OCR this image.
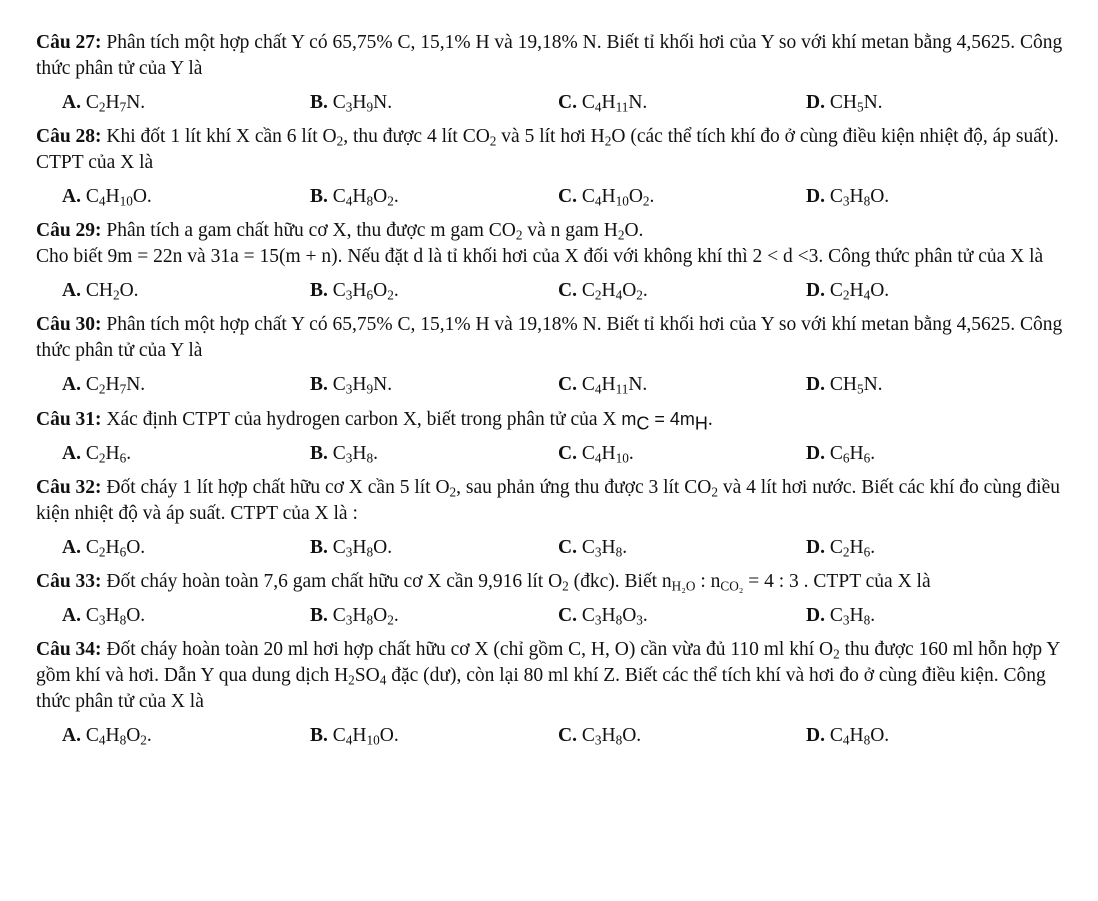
Câu 27: Phân tích một hợp chất Y có 65,75% C, 15,1% H và 19,18% N. Biết tỉ khối hơi của Y so với khí metan bằng 4,5625. Công thức phân tử của Y là
A. $C_2H_7N$.	B. $C_3H_9N$.	C. $C_4H_{11}N$.	D. $CH_5N$.
Câu 28: Khi đốt 1 lít khí X cần 6 lít $O_2$, thu được 4 lít $CO_2$ và 5 lít hơi $H_2O$ (các thể tích khí đo ở cùng điều kiện nhiệt độ, áp suất). CTPT của X là
A. $C_4H_{10}O$.	B. $C_4H_8O_2$.	C. $C_4H_{10}O_2$.	D. $C_3H_8O$.
Câu 29: Phân tích a gam chất hữu cơ X, thu được m gam $CO_2$ và n gam $H_2O$.
Cho biết 9m = 22n và 31a = 15(m + n). Nếu đặt d là tỉ khối hơi của X đối với không khí thì 2 < d <3. Công thức phân tử của X là
A. $CH_2O$.	B. $C_3H_6O_2$.	C. $C_2H_4O_2$.	D. $C_2H_4O$.
Câu 30: Phân tích một hợp chất Y có 65,75% C, 15,1% H và 19,18% N. Biết tỉ khối hơi của Y so với khí metan bằng 4,5625. Công thức phân tử của Y là
A. $C_2H_7N$.	B. $C_3H_9N$.	C. $C_4H_{11}N$.	D. $CH_5N$.
Câu 31: Xác định CTPT của hydrogen carbon X, biết trong phân tử của X $m_C = 4m_H$.
A. $C_2H_6$.	B. $C_3H_8$.	C. $C_4H_{10}$.	D. $C_6H_6$.
Câu 32: Đốt cháy 1 lít hợp chất hữu cơ X cần 5 lít $O_2$, sau phản ứng thu được 3 lít $CO_2$ và 4 lít hơi nước. Biết các khí đo cùng điều kiện nhiệt độ và áp suất. CTPT của X là :
A. $C_2H_6O$.	B. $C_3H_8O$.	C. $C_3H_8$.	D. $C_2H_6$.
Câu 33: Đốt cháy hoàn toàn 7,6 gam chất hữu cơ X cần 9,916 lít $O_2$ (đkc). Biết $n_{H_2O}$ : $n_{CO_2} = 4$ : 3 . CTPT của X là
A. $C_3H_8O$.	B. $C_3H_8O_2$.	C. $C_3H_8O_3$.	D. $C_3H_8$.
Câu 34: Đốt cháy hoàn toàn 20 ml hơi hợp chất hữu cơ X (chỉ gồm C, H, O) cần vừa đủ 110 ml khí $O_2$ thu được 160 ml hỗn hợp Y gồm khí và hơi. Dẫn Y qua dung dịch $H_2SO_4$ đặc (dư), còn lại 80 ml khí Z. Biết các thể tích khí và hơi đo ở cùng điều kiện. Công thức phân tử của X là
A. $C_4H_8O_2$.	B. $C_4H_{10}O$.	C. $C_3H_8O$.	D. $C_4H_8O$.
